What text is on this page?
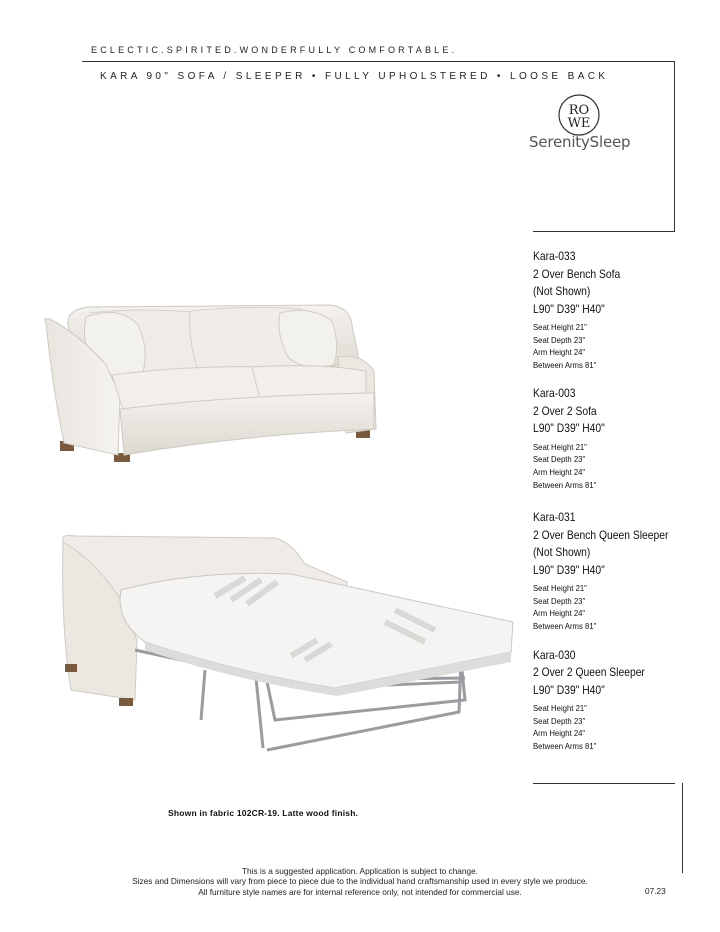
ECLECTIC.SPIRITED.WONDERFULLY COMFORTABLE.
KARA 90" SOFA / SLEEPER • FULLY UPHOLSTERED • LOOSE BACK
RO
WE
SerenitySleep
Kara-033
2 Over Bench Sofa
(Not Shown)
L90" D39" H40"
Seat Height 21"
Seat Depth 23"
Arm Height 24"
Between Arms 81"
Kara-003
2 Over 2 Sofa
L90" D39" H40"
Seat Height 21"
Seat Depth 23"
Arm Height 24"
Between Arms 81"
Kara-031
2 Over Bench Queen Sleeper
(Not Shown)
L90" D39" H40"
Seat Height 21"
Seat Depth 23"
Arm Height 24"
Between Arms 81"
Kara-030
2 Over 2 Queen Sleeper
L90" D39" H40"
Seat Height 21"
Seat Depth 23"
Arm Height 24"
Between Arms 81"
Shown in fabric 102CR-19. Latte wood finish.
This is a suggested application. Application is subject to change.
Sizes and Dimensions will vary from piece to piece due to the individual hand craftsmanship used in every style we produce.
All furniture style names are for internal reference only, not intended for commercial use.	07.23
